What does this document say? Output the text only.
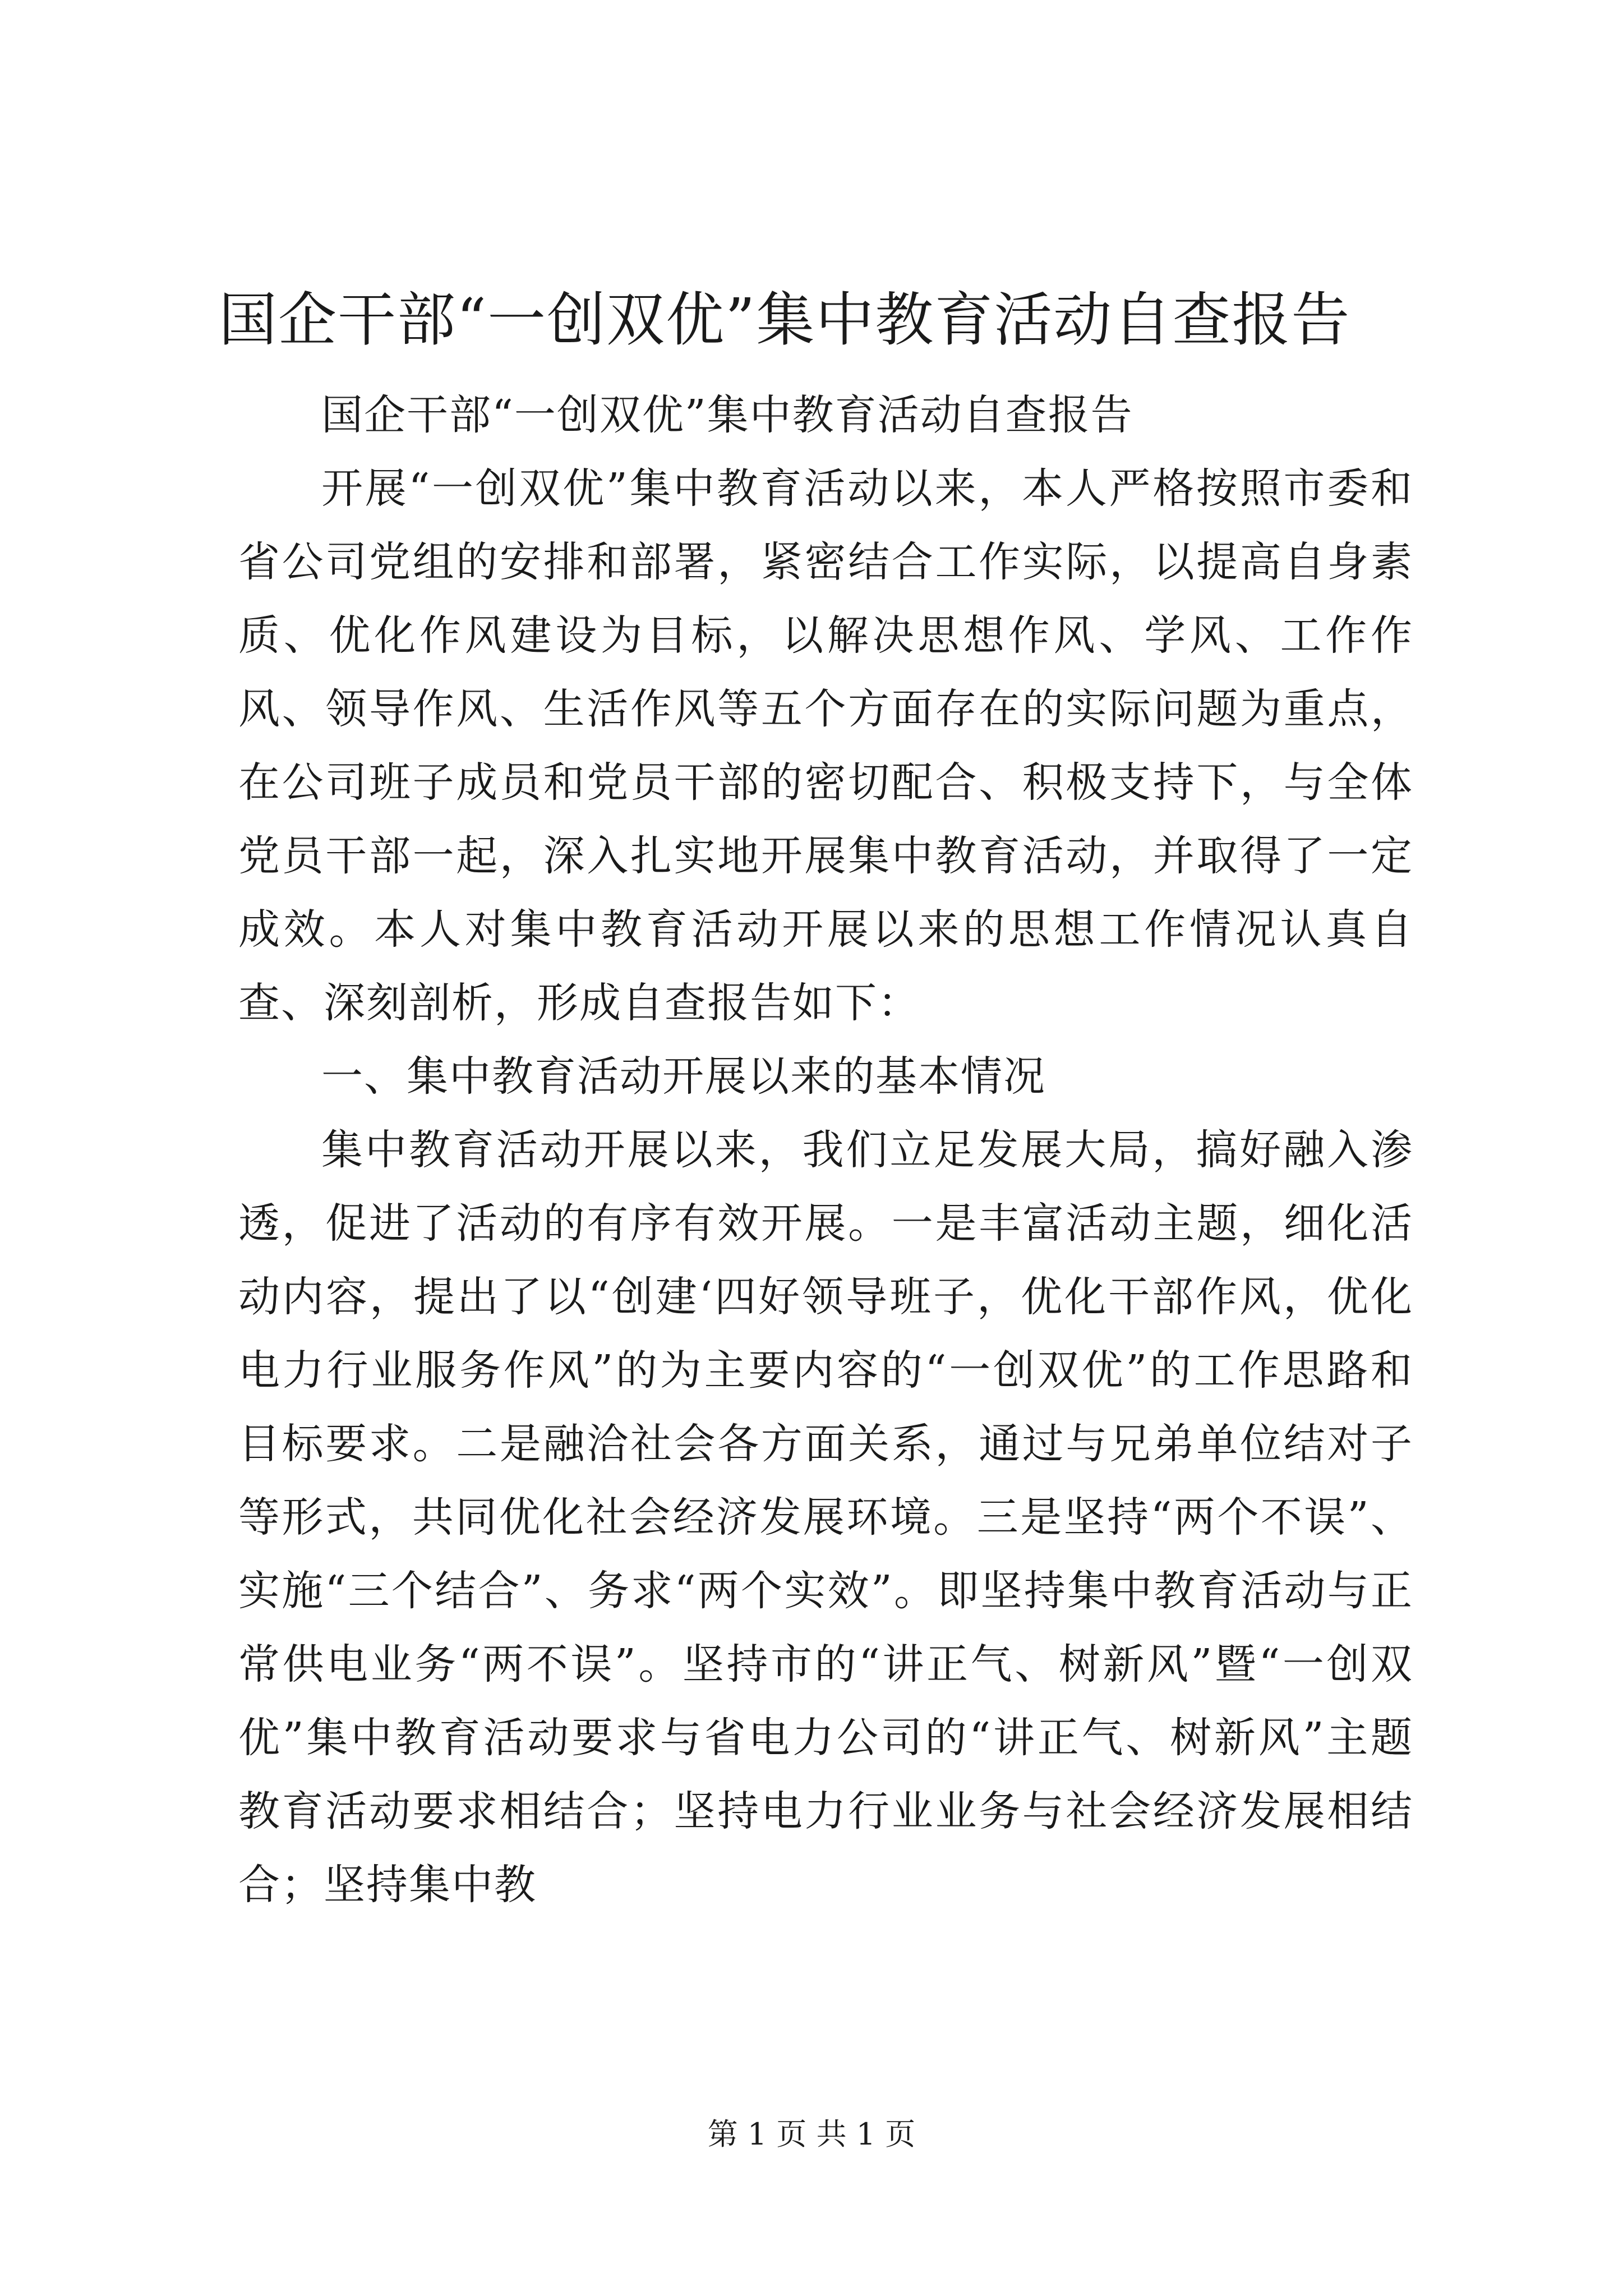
国企干部“一创双优”集中教育活动自查报告

国企干部“一创双优”集中教育活动自查报告

开展“一创双优”集中教育活动以来，本人严格按照市委和省公司党组的安排和部署，紧密结合工作实际，以提高自身素质、优化作风建设为目标，以解决思想作风、学风、工作作风、领导作风、生活作风等五个方面存在的实际问题为重点，在公司班子成员和党员干部的密切配合、积极支持下，与全体党员干部一起，深入扎实地开展集中教育活动，并取得了一定成效。本人对集中教育活动开展以来的思想工作情况认真自查、深刻剖析，形成自查报告如下：

一、集中教育活动开展以来的基本情况

集中教育活动开展以来，我们立足发展大局，搞好融入渗透，促进了活动的有序有效开展。一是丰富活动主题，细化活动内容，提出了以“创建‘四好领导班子，优化干部作风，优化电力行业服务作风”的为主要内容的“一创双优”的工作思路和目标要求。二是融洽社会各方面关系，通过与兄弟单位结对子等形式，共同优化社会经济发展环境。三是坚持“两个不误”、实施“三个结合”、务求“两个实效”。即坚持集中教育活动与正常供电业务“两不误”。坚持市的“讲正气、树新风”暨“一创双优”集中教育活动要求与省电力公司的“讲正气、树新风”主题教育活动要求相结合；坚持电力行业业务与社会经济发展相结合；坚持集中教

第 1 页 共 1 页
